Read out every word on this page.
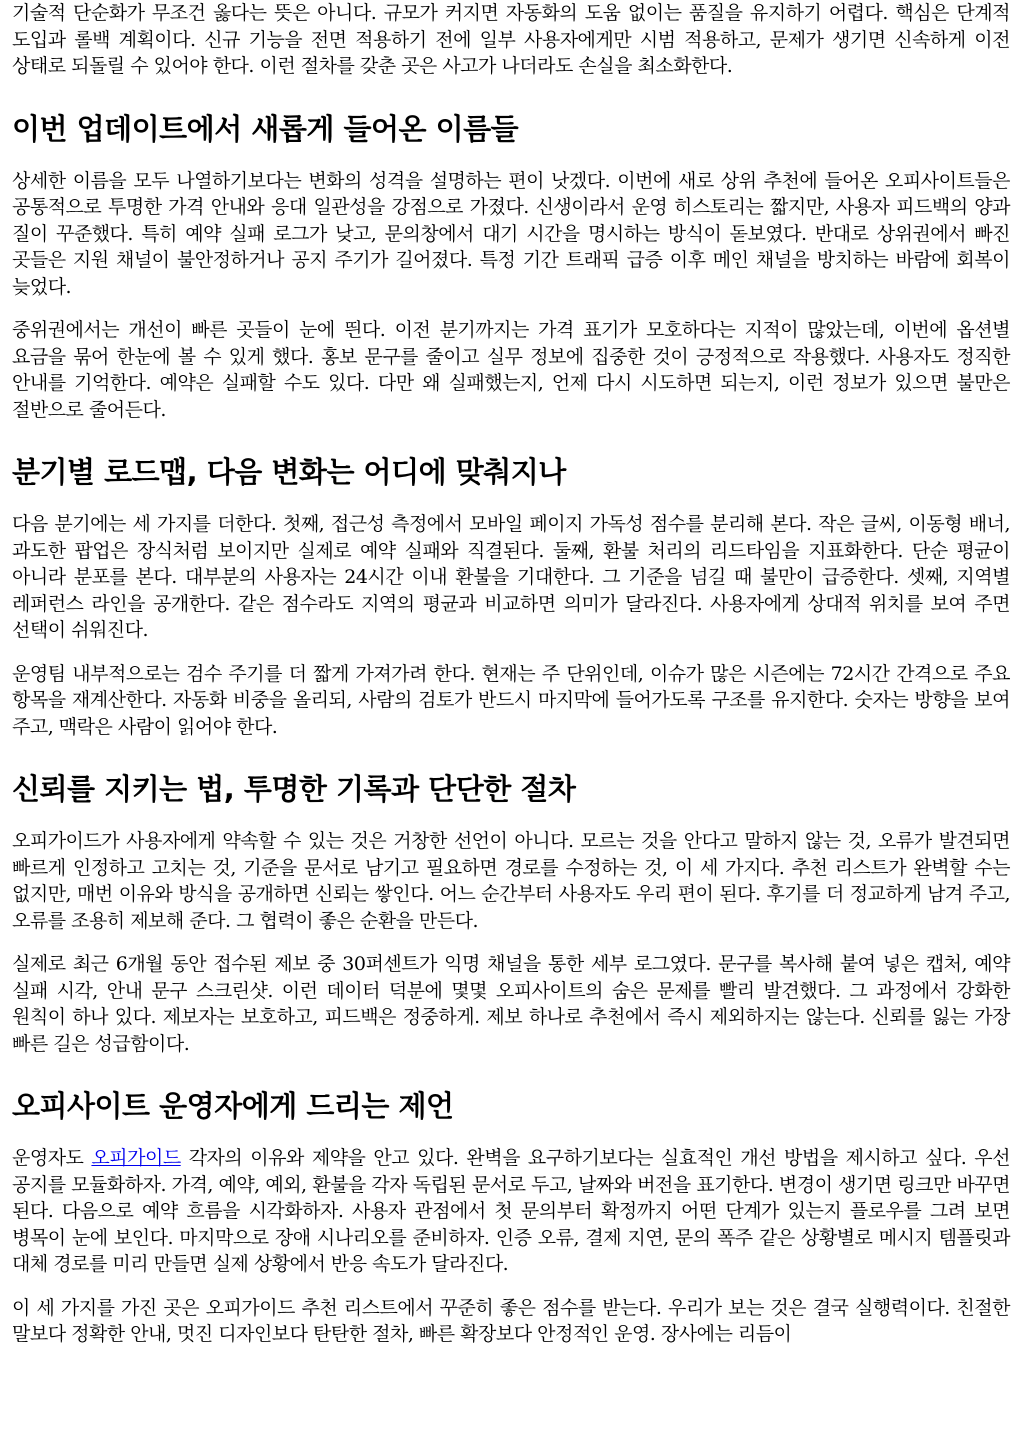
기술적 단순화가 무조건 옳다는 뜻은 아니다. 규모가 커지면 자동화의 도움 없이는 품질을 유지하기 어렵다. 핵심은 단계적 도입과 롤백 계획이다. 신규 기능을 전면 적용하기 전에 일부 사용자에게만 시범 적용하고, 문제가 생기면 신속하게 이전 상태로 되돌릴 수 있어야 한다. 이런 절차를 갖춘 곳은 사고가 나더라도 손실을 최소화한다.

이번 업데이트에서 새롭게 들어온 이름들

상세한 이름을 모두 나열하기보다는 변화의 성격을 설명하는 편이 낫겠다. 이번에 새로 상위 추천에 들어온 오피사이트들은 공통적으로 투명한 가격 안내와 응대 일관성을 강점으로 가졌다. 신생이라서 운영 히스토리는 짧지만, 사용자 피드백의 양과 질이 꾸준했다. 특히 예약 실패 로그가 낮고, 문의창에서 대기 시간을 명시하는 방식이 돋보였다. 반대로 상위권에서 빠진 곳들은 지원 채널이 불안정하거나 공지 주기가 길어졌다. 특정 기간 트래픽 급증 이후 메인 채널을 방치하는 바람에 회복이 늦었다.

중위권에서는 개선이 빠른 곳들이 눈에 띈다. 이전 분기까지는 가격 표기가 모호하다는 지적이 많았는데, 이번에 옵션별 요금을 묶어 한눈에 볼 수 있게 했다. 홍보 문구를 줄이고 실무 정보에 집중한 것이 긍정적으로 작용했다. 사용자도 정직한 안내를 기억한다. 예약은 실패할 수도 있다. 다만 왜 실패했는지, 언제 다시 시도하면 되는지, 이런 정보가 있으면 불만은 절반으로 줄어든다.

분기별 로드맵, 다음 변화는 어디에 맞춰지나

다음 분기에는 세 가지를 더한다. 첫째, 접근성 측정에서 모바일 페이지 가독성 점수를 분리해 본다. 작은 글씨, 이동형 배너, 과도한 팝업은 장식처럼 보이지만 실제로 예약 실패와 직결된다. 둘째, 환불 처리의 리드타임을 지표화한다. 단순 평균이 아니라 분포를 본다. 대부분의 사용자는 24시간 이내 환불을 기대한다. 그 기준을 넘길 때 불만이 급증한다. 셋째, 지역별 레퍼런스 라인을 공개한다. 같은 점수라도 지역의 평균과 비교하면 의미가 달라진다. 사용자에게 상대적 위치를 보여 주면 선택이 쉬워진다.

운영팀 내부적으로는 검수 주기를 더 짧게 가져가려 한다. 현재는 주 단위인데, 이슈가 많은 시즌에는 72시간 간격으로 주요 항목을 재계산한다. 자동화 비중을 올리되, 사람의 검토가 반드시 마지막에 들어가도록 구조를 유지한다. 숫자는 방향을 보여 주고, 맥락은 사람이 읽어야 한다.

신뢰를 지키는 법, 투명한 기록과 단단한 절차

오피가이드가 사용자에게 약속할 수 있는 것은 거창한 선언이 아니다. 모르는 것을 안다고 말하지 않는 것, 오류가 발견되면 빠르게 인정하고 고치는 것, 기준을 문서로 남기고 필요하면 경로를 수정하는 것, 이 세 가지다. 추천 리스트가 완벽할 수는 없지만, 매번 이유와 방식을 공개하면 신뢰는 쌓인다. 어느 순간부터 사용자도 우리 편이 된다. 후기를 더 정교하게 남겨 주고, 오류를 조용히 제보해 준다. 그 협력이 좋은 순환을 만든다.

실제로 최근 6개월 동안 접수된 제보 중 30퍼센트가 익명 채널을 통한 세부 로그였다. 문구를 복사해 붙여 넣은 캡처, 예약 실패 시각, 안내 문구 스크린샷. 이런 데이터 덕분에 몇몇 오피사이트의 숨은 문제를 빨리 발견했다. 그 과정에서 강화한 원칙이 하나 있다. 제보자는 보호하고, 피드백은 정중하게. 제보 하나로 추천에서 즉시 제외하지는 않는다. 신뢰를 잃는 가장 빠른 길은 성급함이다.

오피사이트 운영자에게 드리는 제언

운영자도 오피가이드 각자의 이유와 제약을 안고 있다. 완벽을 요구하기보다는 실효적인 개선 방법을 제시하고 싶다. 우선 공지를 모듈화하자. 가격, 예약, 예외, 환불을 각자 독립된 문서로 두고, 날짜와 버전을 표기한다. 변경이 생기면 링크만 바꾸면 된다. 다음으로 예약 흐름을 시각화하자. 사용자 관점에서 첫 문의부터 확정까지 어떤 단계가 있는지 플로우를 그려 보면 병목이 눈에 보인다. 마지막으로 장애 시나리오를 준비하자. 인증 오류, 결제 지연, 문의 폭주 같은 상황별로 메시지 템플릿과 대체 경로를 미리 만들면 실제 상황에서 반응 속도가 달라진다.

이 세 가지를 가진 곳은 오피가이드 추천 리스트에서 꾸준히 좋은 점수를 받는다. 우리가 보는 것은 결국 실행력이다. 친절한 말보다 정확한 안내, 멋진 디자인보다 탄탄한 절차, 빠른 확장보다 안정적인 운영. 장사에는 리듬이
